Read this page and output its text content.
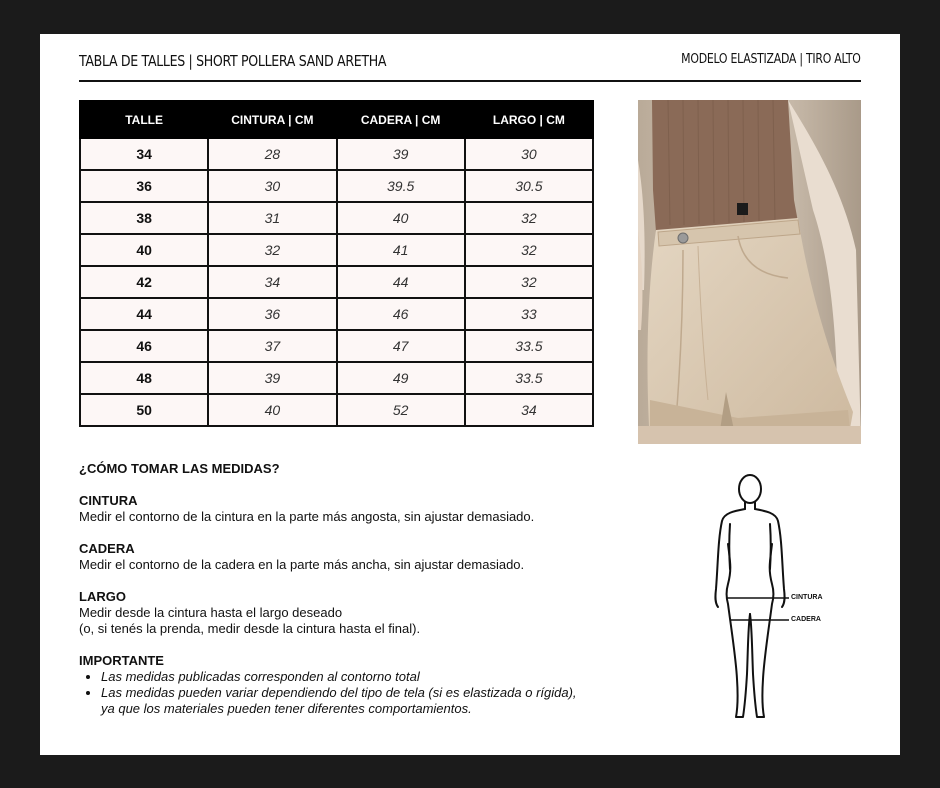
TABLA DE TALLES | SHORT POLLERA SAND ARETHA	MODELO ELASTIZADA | TIRO ALTO
TALLE	CINTURA | CM	CADERA | CM	LARGO | CM
34	28	39	30
36	30	39.5	30.5
38	31	40	32
40	32	41	32
42	34	44	32
44	36	46	33
46	37	47	33.5
48	39	49	33.5
50	40	52	34
¿CÓMO TOMAR LAS MEDIDAS?
CINTURA
Medir el contorno de la cintura en la parte más angosta, sin ajustar demasiado.
CADERA
Medir el contorno de la cadera en la parte más ancha, sin ajustar demasiado.
LARGO
Medir desde la cintura hasta el largo deseado
(o, si tenés la prenda, medir desde la cintura hasta el final).
IMPORTANTE
• Las medidas publicadas corresponden al contorno total
• Las medidas pueden variar dependiendo del tipo de tela (si es elastizada o rígida),
ya que los materiales pueden tener diferentes comportamientos.
CINTURA
CADERA
